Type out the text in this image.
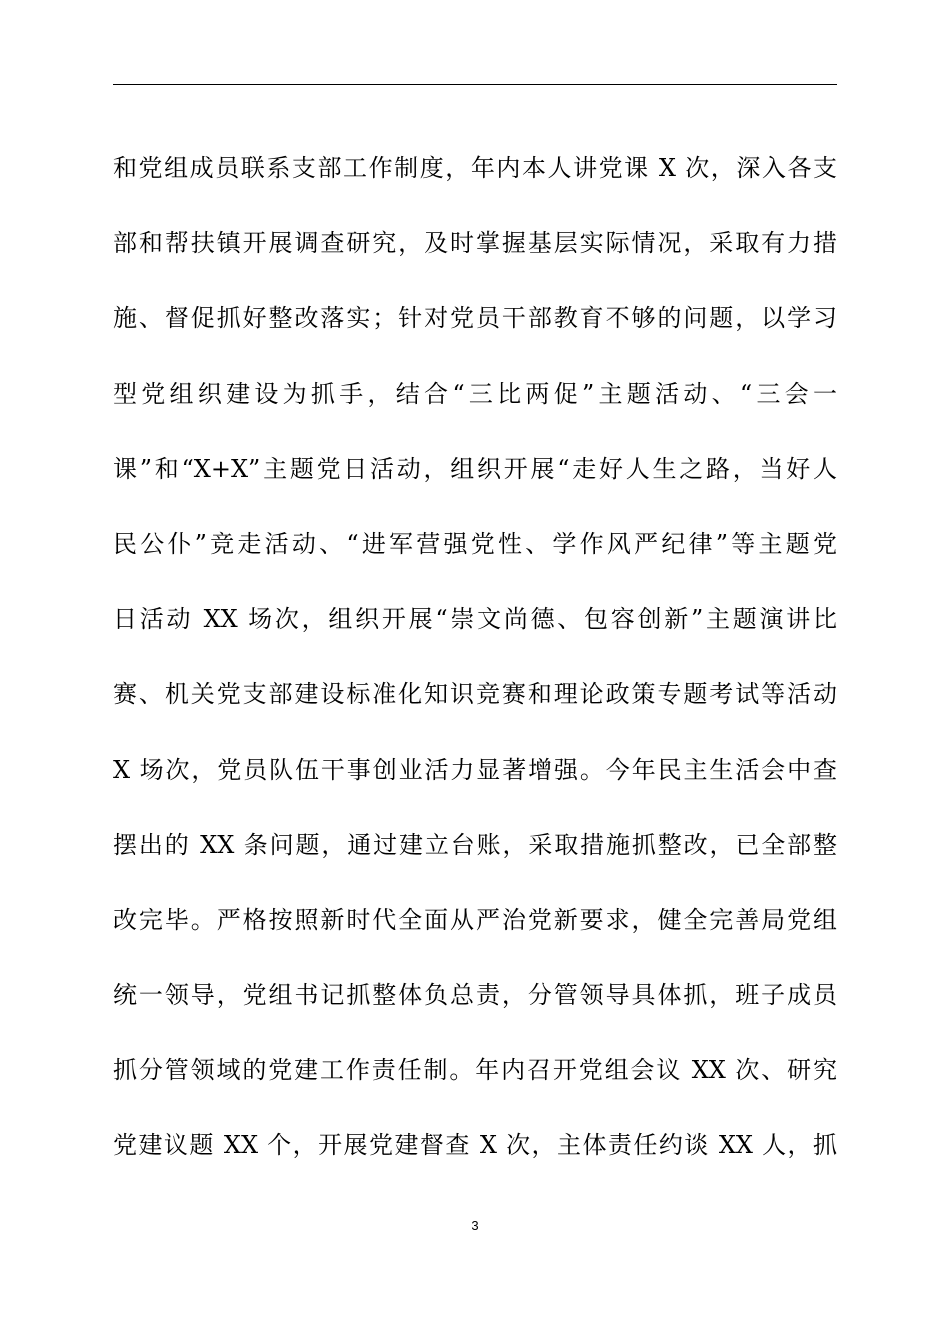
和党组成员联系支部工作制度，年内本人讲党课 X 次，深入各支
部和帮扶镇开展调查研究，及时掌握基层实际情况，采取有力措
施、督促抓好整改落实；针对党员干部教育不够的问题，以学习
型党组织建设为抓手，结合“三比两促”主题活动、“三会一
课”和“X+X”主题党日活动，组织开展“走好人生之路，当好人
民公仆”竞走活动、“进军营强党性、学作风严纪律”等主题党
日活动 XX 场次，组织开展“崇文尚德、包容创新”主题演讲比
赛、机关党支部建设标准化知识竞赛和理论政策专题考试等活动
X 场次，党员队伍干事创业活力显著增强。今年民主生活会中查
摆出的 XX 条问题，通过建立台账，采取措施抓整改，已全部整
改完毕。严格按照新时代全面从严治党新要求，健全完善局党组
统一领导，党组书记抓整体负总责，分管领导具体抓，班子成员
抓分管领域的党建工作责任制。年内召开党组会议 XX 次、研究
党建议题 XX 个，开展党建督查 X 次，主体责任约谈 XX 人，抓
3
